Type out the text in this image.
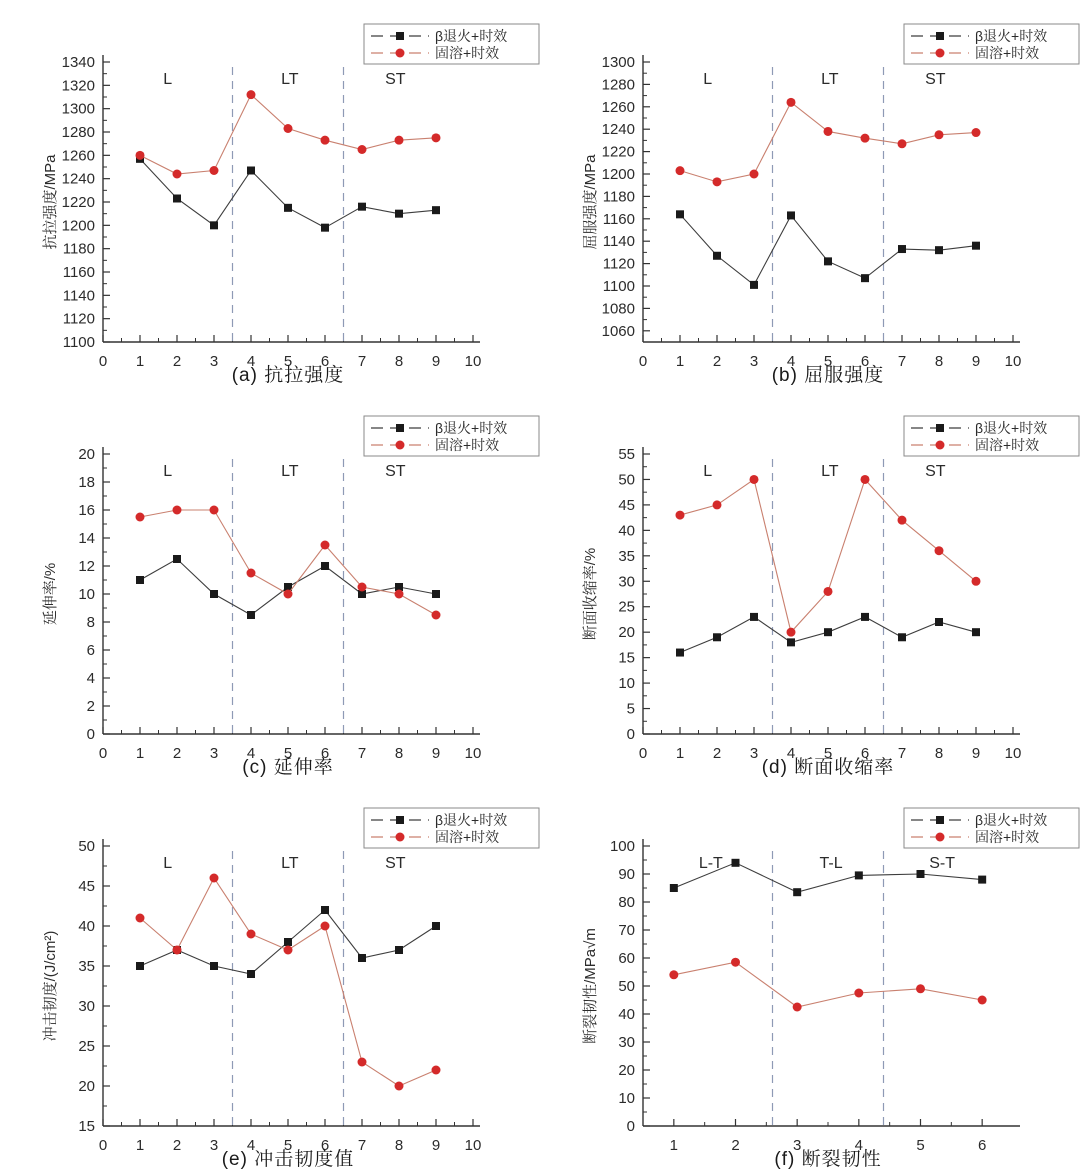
1100
1120
1140
1160
1180
1200
1220
1240
1260
1280
1300
1320
1340
0 1 2 3 4 5 6 7 8 9 10
L	LT	ST
β退火+时效
固溶+时效
抗拉强度/MPa
(a) 抗拉强度
1060
1080
1100
1120
1140
1160
1180
1200
1220
1240
1260
1280
1300
0 1 2 3 4 5 6 7 8 9 10
L	LT	ST
β退火+时效
固溶+时效
屈服强度/MPa
(b) 屈服强度
0
2
4
6
8
10
12
14
16
18
20
0 1 2 3 4 5 6 7 8 9 10
L	LT	ST
β退火+时效
固溶+时效
延伸率/%
(c) 延伸率
0
5
10
15
20
25
30
35
40
45
50
55
0 1 2 3 4 5 6 7 8 9 10
L	LT	ST
β退火+时效
固溶+时效
断面收缩率/%
(d) 断面收缩率
15
20
25
30
35
40
45
50
0 1 2 3 4 5 6 7 8 9 10
L	LT	ST
β退火+时效
固溶+时效
冲击韧度/(J/cm²)
(e) 冲击韧度值
0
10
20
30
40
50
60
70
80
90
100
1	2	3	4	5	6
L-T	T-L	S-T
β退火+时效
固溶+时效
断裂韧性/MPa√m
(f) 断裂韧性
